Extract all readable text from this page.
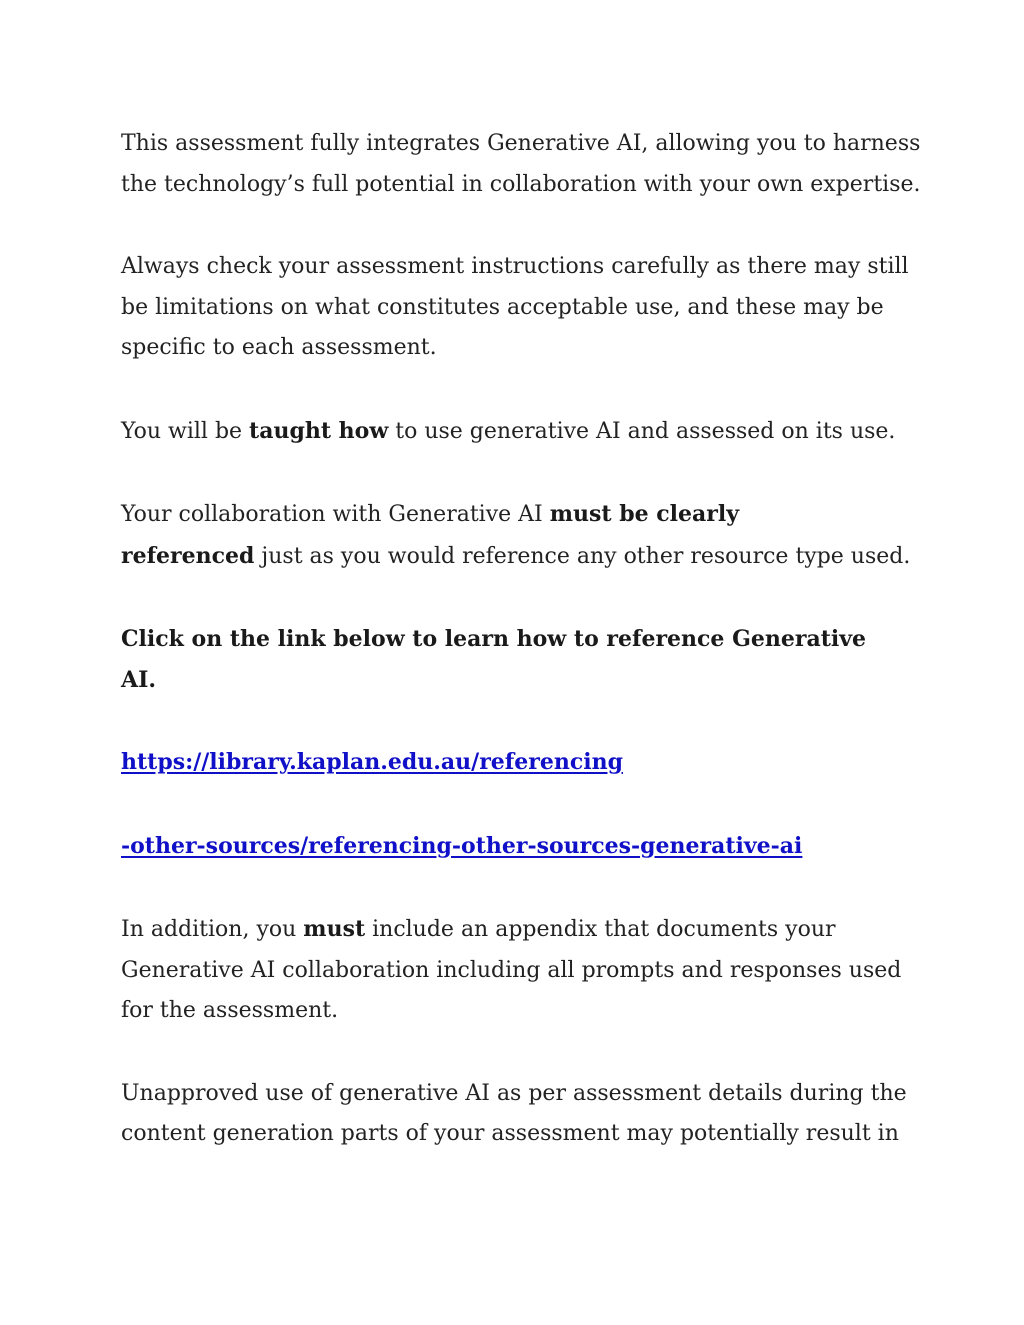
This assessment fully integrates Generative AI, allowing you to harness
the technology’s full potential in collaboration with your own expertise.

Always check your assessment instructions carefully as there may still
be limitations on what constitutes acceptable use, and these may be
specific to each assessment.

You will be taught how to use generative AI and assessed on its use.

Your collaboration with Generative AI must be clearly
referenced just as you would reference any other resource type used.

Click on the link below to learn how to reference Generative
AI.

https://library.kaplan.edu.au/referencing

-other-sources/referencing-other-sources-generative-ai

In addition, you must include an appendix that documents your
Generative AI collaboration including all prompts and responses used
for the assessment.

Unapproved use of generative AI as per assessment details during the
content generation parts of your assessment may potentially result in
